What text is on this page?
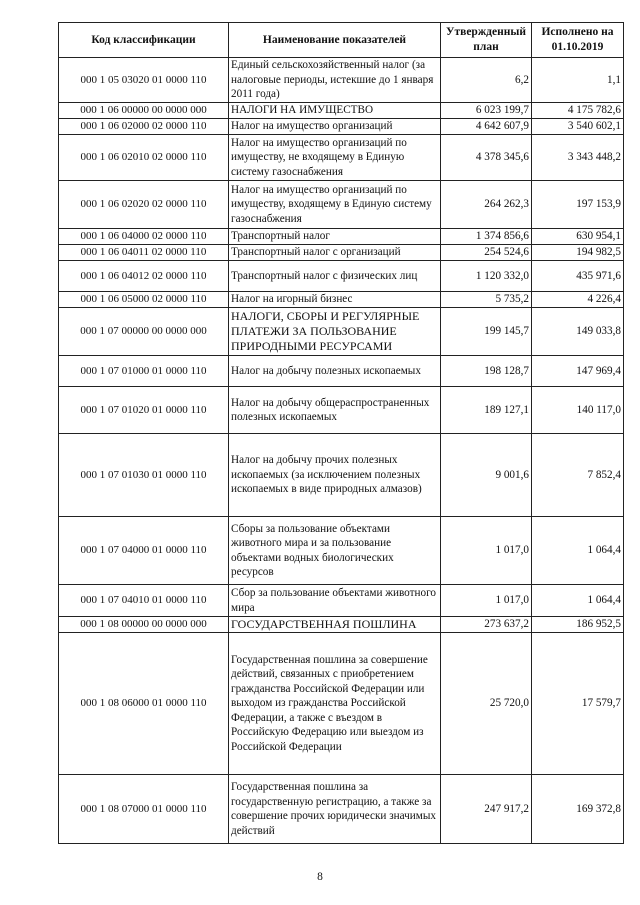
Код классификации	Наименование показателей	Утвержденный план	Исполнено на 01.10.2019
000 1 05 03020 01 0000 110	Единый сельскохозяйственный налог (за налоговые периоды, истекшие до 1 января 2011 года)	6,2	1,1
000 1 06 00000 00 0000 000	НАЛОГИ НА ИМУЩЕСТВО	6 023 199,7	4 175 782,6
000 1 06 02000 02 0000 110	Налог на имущество организаций	4 642 607,9	3 540 602,1
000 1 06 02010 02 0000 110	Налог на имущество организаций по имуществу, не входящему в Единую систему газоснабжения	4 378 345,6	3 343 448,2
000 1 06 02020 02 0000 110	Налог на имущество организаций по имуществу, входящему в Единую систему газоснабжения	264 262,3	197 153,9
000 1 06 04000 02 0000 110	Транспортный налог	1 374 856,6	630 954,1
000 1 06 04011 02 0000 110	Транспортный налог с организаций	254 524,6	194 982,5
000 1 06 04012 02 0000 110	Транспортный налог с физических лиц	1 120 332,0	435 971,6
000 1 06 05000 02 0000 110	Налог на игорный бизнес	5 735,2	4 226,4
000 1 07 00000 00 0000 000	НАЛОГИ, СБОРЫ И РЕГУЛЯРНЫЕ ПЛАТЕЖИ ЗА ПОЛЬЗОВАНИЕ ПРИРОДНЫМИ РЕСУРСАМИ	199 145,7	149 033,8
000 1 07 01000 01 0000 110	Налог на добычу полезных ископаемых	198 128,7	147 969,4
000 1 07 01020 01 0000 110	Налог на добычу общераспространенных полезных ископаемых	189 127,1	140 117,0
000 1 07 01030 01 0000 110	Налог на добычу прочих полезных ископаемых (за исключением полезных ископаемых в виде природных алмазов)	9 001,6	7 852,4
000 1 07 04000 01 0000 110	Сборы за пользование объектами животного мира и за пользование объектами водных биологических ресурсов	1 017,0	1 064,4
000 1 07 04010 01 0000 110	Сбор за пользование объектами животного мира	1 017,0	1 064,4
000 1 08 00000 00 0000 000	ГОСУДАРСТВЕННАЯ ПОШЛИНА	273 637,2	186 952,5
000 1 08 06000 01 0000 110	Государственная пошлина за совершение действий, связанных с приобретением гражданства Российской Федерации или выходом из гражданства Российской Федерации, а также с въездом в Российскую Федерацию или выездом из Российской Федерации	25 720,0	17 579,7
000 1 08 07000 01 0000 110	Государственная пошлина за государственную регистрацию, а также за совершение прочих юридически значимых действий	247 917,2	169 372,8
8
